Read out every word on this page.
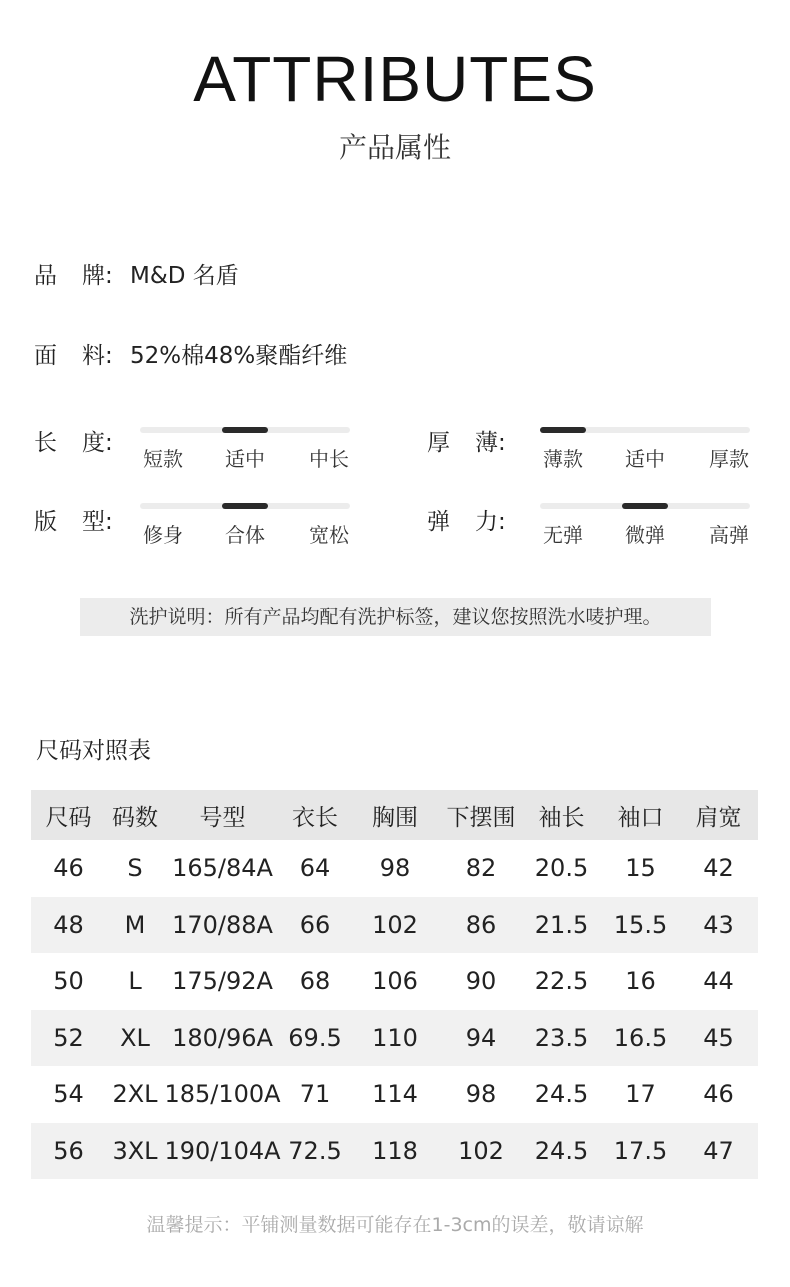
ATTRIBUTES
产品属性
品 牌: M&D 名盾
面 料: 52%棉48%聚酯纤维
长 度:
短款 适中 中长
厚 薄:
薄款 适中 厚款
版 型: 修身 合体 宽松	弹 力: 无弹 微弹 高弹
洗护说明：所有产品均配有洗护标签，建议您按照洗水唛护理。
尺码对照表
尺码 码数	号型	衣长	胸围	下摆围	袖长	袖口	肩宽
46	S	165/84A	64	98	82	20.5	15	42
48	M	170/88A	66	102	86	21.5	15.5	43
50	L	175/92A	68	106	90	22.5	16	44
52	XL 180/96A 69.5	110	94	23.5	16.5	45
54	2XL 185/100A 71	114	98	24.5	17	46
56	3XL 190/104A 72.5	118	102	24.5	17.5	47
温馨提示：平铺测量数据可能存在1-3cm的误差，敬请谅解
